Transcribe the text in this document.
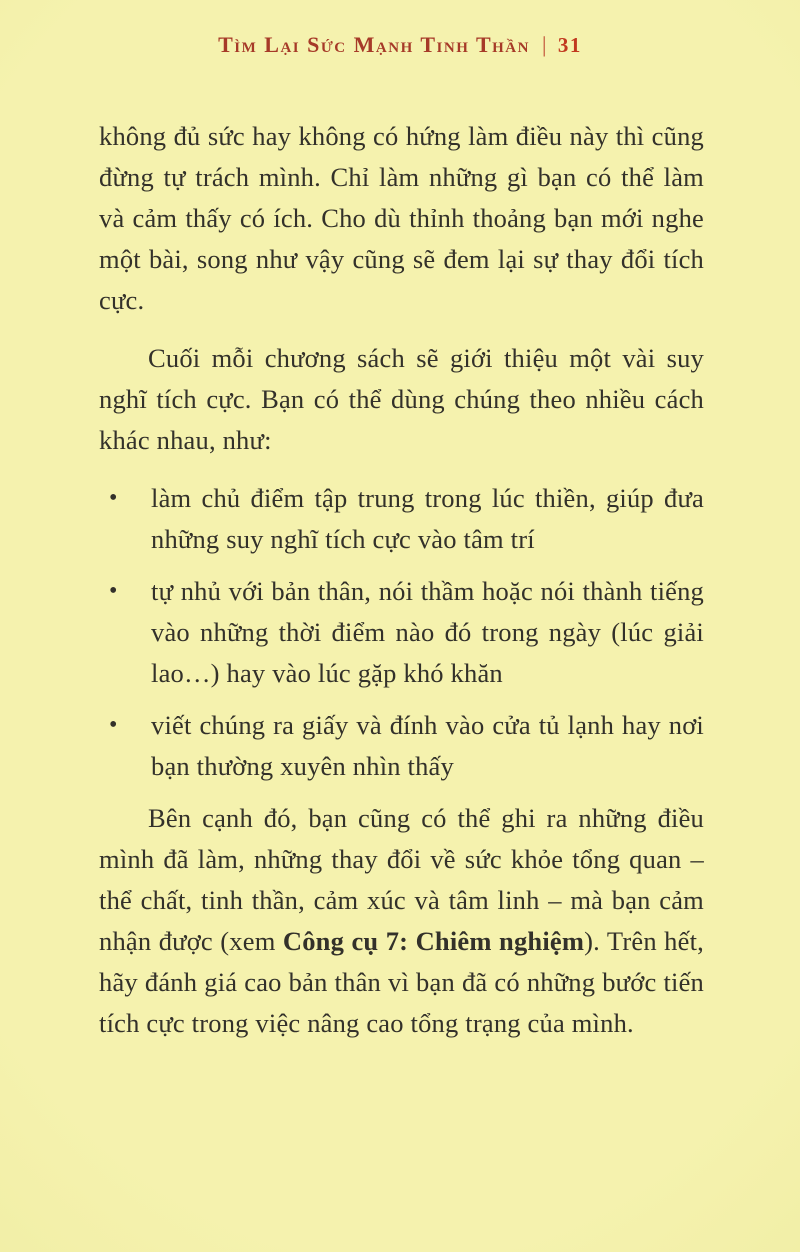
Tìm Lại Sức Mạnh Tinh Thần | 31

không đủ sức hay không có hứng làm điều này thì cũng đừng tự trách mình. Chỉ làm những gì bạn có thể làm và cảm thấy có ích. Cho dù thỉnh thoảng bạn mới nghe một bài, song như vậy cũng sẽ đem lại sự thay đổi tích cực.

Cuối mỗi chương sách sẽ giới thiệu một vài suy nghĩ tích cực. Bạn có thể dùng chúng theo nhiều cách khác nhau, như:

•	làm chủ điểm tập trung trong lúc thiền, giúp đưa những suy nghĩ tích cực vào tâm trí
•	tự nhủ với bản thân, nói thầm hoặc nói thành tiếng vào những thời điểm nào đó trong ngày (lúc giải lao…) hay vào lúc gặp khó khăn
•	viết chúng ra giấy và đính vào cửa tủ lạnh hay nơi bạn thường xuyên nhìn thấy

Bên cạnh đó, bạn cũng có thể ghi ra những điều mình đã làm, những thay đổi về sức khỏe tổng quan – thể chất, tinh thần, cảm xúc và tâm linh – mà bạn cảm nhận được (xem Công cụ 7: Chiêm nghiệm). Trên hết, hãy đánh giá cao bản thân vì bạn đã có những bước tiến tích cực trong việc nâng cao tổng trạng của mình.
